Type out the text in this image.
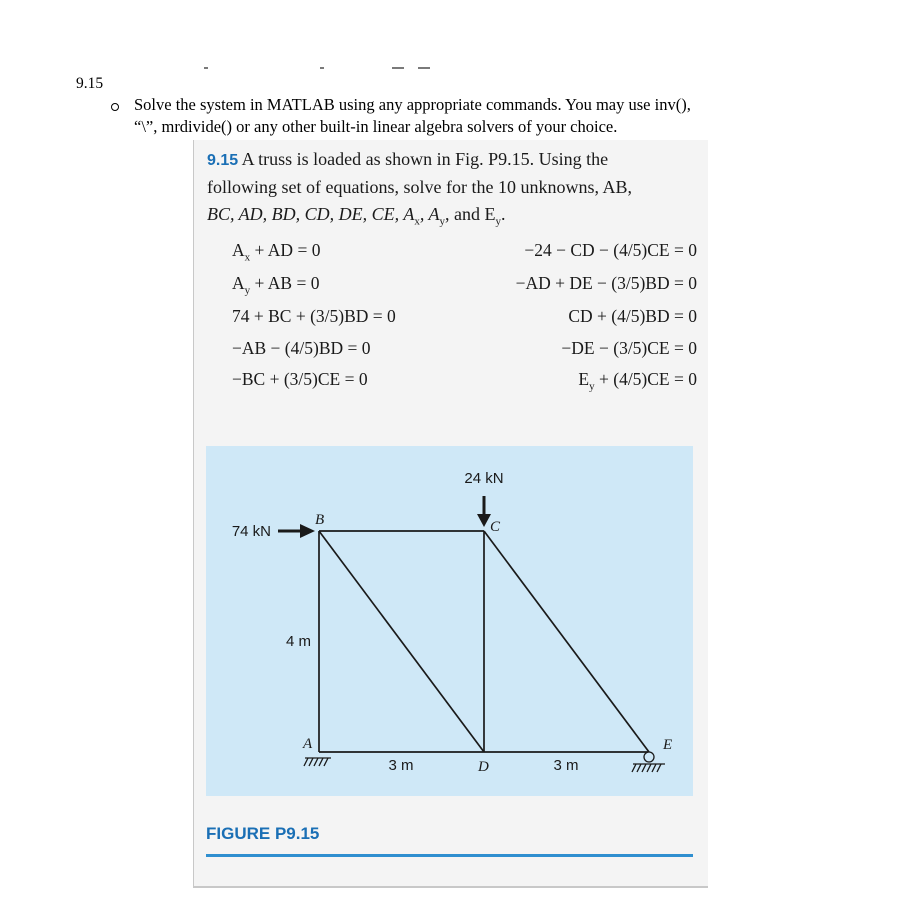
9.15
Solve the system in MATLAB using any appropriate commands. You may use inv(),
“\”, mrdivide() or any other built-in linear algebra solvers of your choice.
9.15 A truss is loaded as shown in Fig. P9.15. Using the
following set of equations, solve for the 10 unknowns, AB,
BC, AD, BD, CD, DE, CE, $A_x$, $A_y$, and $E_y$.
$A_x$ + AD = 0
$A_y$ + AB = 0
74 + BC + (3/5)BD = 0
−AB − (4/5)BD = 0
−BC + (3/5)CE = 0
−24 − CD − (4/5)CE = 0
−AD + DE − (3/5)BD = 0
CD + (4/5)BD = 0
−DE − (3/5)CE = 0
$E_y + (4/5)CE = 0$
24 kN
74 kN
4 m
3 m	3 m
B	C
A
D
E
FIGURE P9.15
